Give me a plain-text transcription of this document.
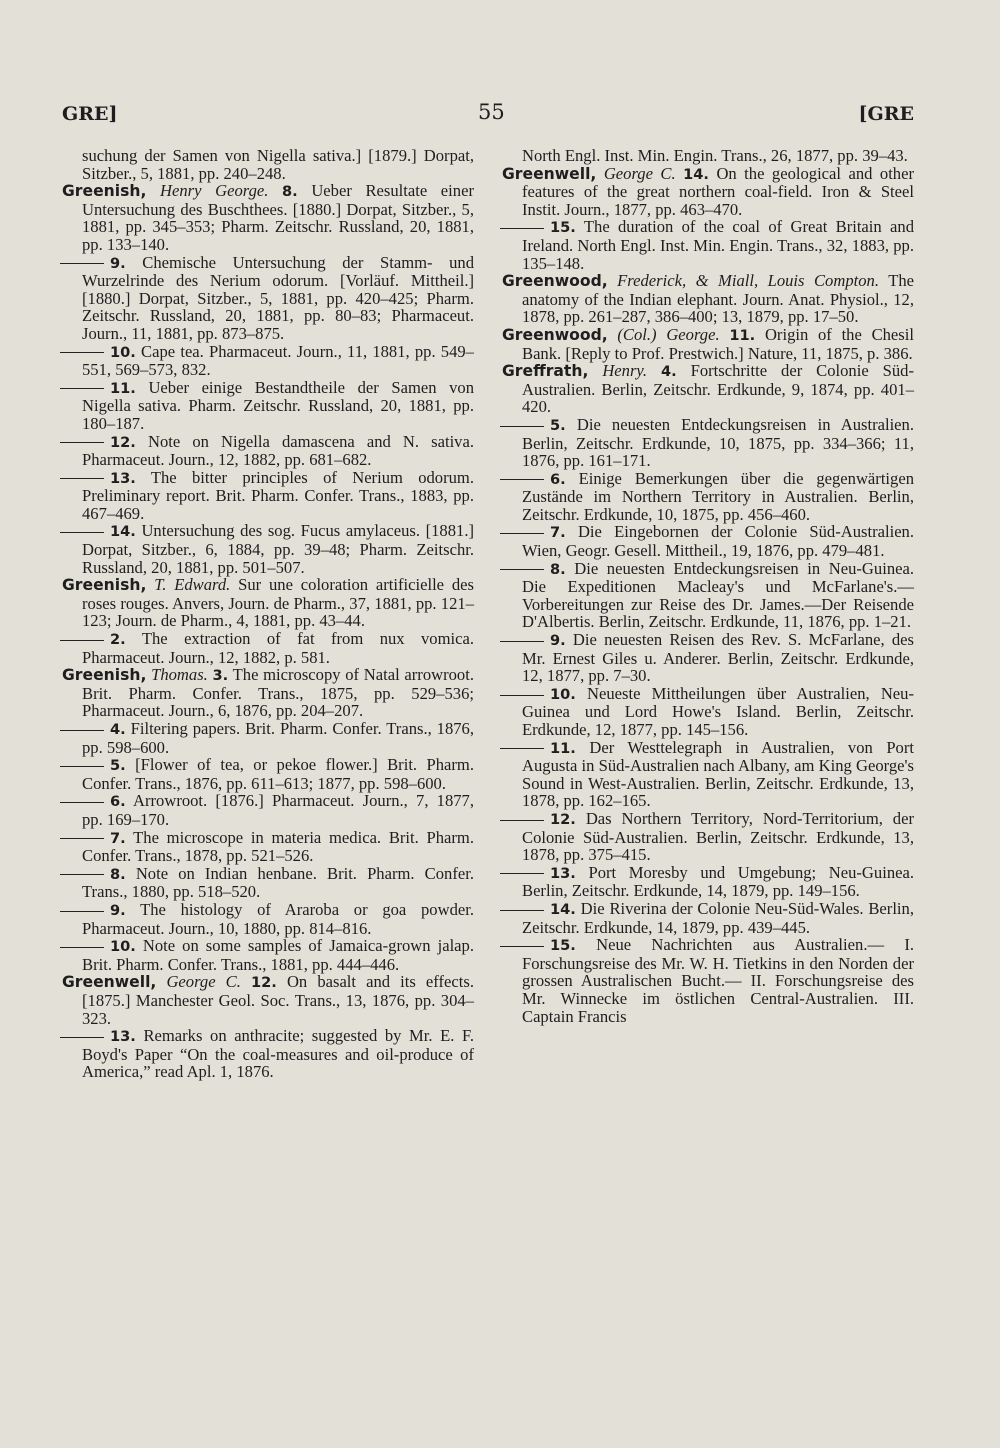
GRE]	55	[GRE

suchung der Samen von Nigella sativa.] [1879.] Dorpat, Sitzber., 5, 1881, pp. 240–248.

Greenish, Henry George. 8. Ueber Resultate einer Untersuchung des Buschthees. [1880.] Dorpat, Sitzber., 5, 1881, pp. 345–353; Pharm. Zeitschr. Russland, 20, 1881, pp. 133–140.

9. Chemische Untersuchung der Stamm- und Wurzelrinde des Nerium odorum. [Vorläuf. Mittheil.] [1880.] Dorpat, Sitzber., 5, 1881, pp. 420–425; Pharm. Zeitschr. Russland, 20, 1881, pp. 80–83; Pharmaceut. Journ., 11, 1881, pp. 873–875.

10. Cape tea. Pharmaceut. Journ., 11, 1881, pp. 549–551, 569–573, 832.

11. Ueber einige Bestandtheile der Samen von Nigella sativa. Pharm. Zeitschr. Russland, 20, 1881, pp. 180–187.

12. Note on Nigella damascena and N. sativa. Pharmaceut. Journ., 12, 1882, pp. 681–682.

13. The bitter principles of Nerium odorum. Preliminary report. Brit. Pharm. Confer. Trans., 1883, pp. 467–469.

14. Untersuchung des sog. Fucus amylaceus. [1881.] Dorpat, Sitzber., 6, 1884, pp. 39–48; Pharm. Zeitschr. Russland, 20, 1881, pp. 501–507.

Greenish, T. Edward. Sur une coloration artificielle des roses rouges. Anvers, Journ. de Pharm., 37, 1881, pp. 121–123; Journ. de Pharm., 4, 1881, pp. 43–44.

2. The extraction of fat from nux vomica. Pharmaceut. Journ., 12, 1882, p. 581.

Greenish, Thomas. 3. The microscopy of Natal arrowroot. Brit. Pharm. Confer. Trans., 1875, pp. 529–536; Pharmaceut. Journ., 6, 1876, pp. 204–207.

4. Filtering papers. Brit. Pharm. Confer. Trans., 1876, pp. 598–600.

5. [Flower of tea, or pekoe flower.] Brit. Pharm. Confer. Trans., 1876, pp. 611–613; 1877, pp. 598–600.

6. Arrowroot. [1876.] Pharmaceut. Journ., 7, 1877, pp. 169–170.

7. The microscope in materia medica. Brit. Pharm. Confer. Trans., 1878, pp. 521–526.

8. Note on Indian henbane. Brit. Pharm. Confer. Trans., 1880, pp. 518–520.

9. The histology of Araroba or goa powder. Pharmaceut. Journ., 10, 1880, pp. 814–816.

10. Note on some samples of Jamaica-grown jalap. Brit. Pharm. Confer. Trans., 1881, pp. 444–446.

Greenwell, George C. 12. On basalt and its effects. [1875.] Manchester Geol. Soc. Trans., 13, 1876, pp. 304–323.

13. Remarks on anthracite; suggested by Mr. E. F. Boyd's Paper “On the coal-measures and oil-produce of America,” read Apl. 1, 1876.

North Engl. Inst. Min. Engin. Trans., 26, 1877, pp. 39–43.

Greenwell, George C. 14. On the geological and other features of the great northern coal-field. Iron & Steel Instit. Journ., 1877, pp. 463–470.

15. The duration of the coal of Great Britain and Ireland. North Engl. Inst. Min. Engin. Trans., 32, 1883, pp. 135–148.

Greenwood, Frederick, & Miall, Louis Compton. The anatomy of the Indian elephant. Journ. Anat. Physiol., 12, 1878, pp. 261–287, 386–400; 13, 1879, pp. 17–50.

Greenwood, (Col.) George. 11. Origin of the Chesil Bank. [Reply to Prof. Prestwich.] Nature, 11, 1875, p. 386.

Greffrath, Henry. 4. Fortschritte der Colonie Süd-Australien. Berlin, Zeitschr. Erdkunde, 9, 1874, pp. 401–420.

5. Die neuesten Entdeckungsreisen in Australien. Berlin, Zeitschr. Erdkunde, 10, 1875, pp. 334–366; 11, 1876, pp. 161–171.

6. Einige Bemerkungen über die gegenwärtigen Zustände im Northern Territory in Australien. Berlin, Zeitschr. Erdkunde, 10, 1875, pp. 456–460.

7. Die Eingebornen der Colonie Süd-Australien. Wien, Geogr. Gesell. Mittheil., 19, 1876, pp. 479–481.

8. Die neuesten Entdeckungsreisen in Neu-Guinea. Die Expeditionen Macleay's und McFarlane's.—Vorbereitungen zur Reise des Dr. James.—Der Reisende D'Albertis. Berlin, Zeitschr. Erdkunde, 11, 1876, pp. 1–21.

9. Die neuesten Reisen des Rev. S. McFarlane, des Mr. Ernest Giles u. Anderer. Berlin, Zeitschr. Erdkunde, 12, 1877, pp. 7–30.

10. Neueste Mittheilungen über Australien, Neu-Guinea und Lord Howe's Island. Berlin, Zeitschr. Erdkunde, 12, 1877, pp. 145–156.

11. Der Westtelegraph in Australien, von Port Augusta in Süd-Australien nach Albany, am King George's Sound in West-Australien. Berlin, Zeitschr. Erdkunde, 13, 1878, pp. 162–165.

12. Das Northern Territory, Nord-Territorium, der Colonie Süd-Australien. Berlin, Zeitschr. Erdkunde, 13, 1878, pp. 375–415.

13. Port Moresby und Umgebung; Neu-Guinea. Berlin, Zeitschr. Erdkunde, 14, 1879, pp. 149–156.

14. Die Riverina der Colonie Neu-Süd-Wales. Berlin, Zeitschr. Erdkunde, 14, 1879, pp. 439–445.

15. Neue Nachrichten aus Australien.— I. Forschungsreise des Mr. W. H. Tietkins in den Norden der grossen Australischen Bucht.— II. Forschungsreise des Mr. Winnecke im östlichen Central-Australien. III. Captain Francis
